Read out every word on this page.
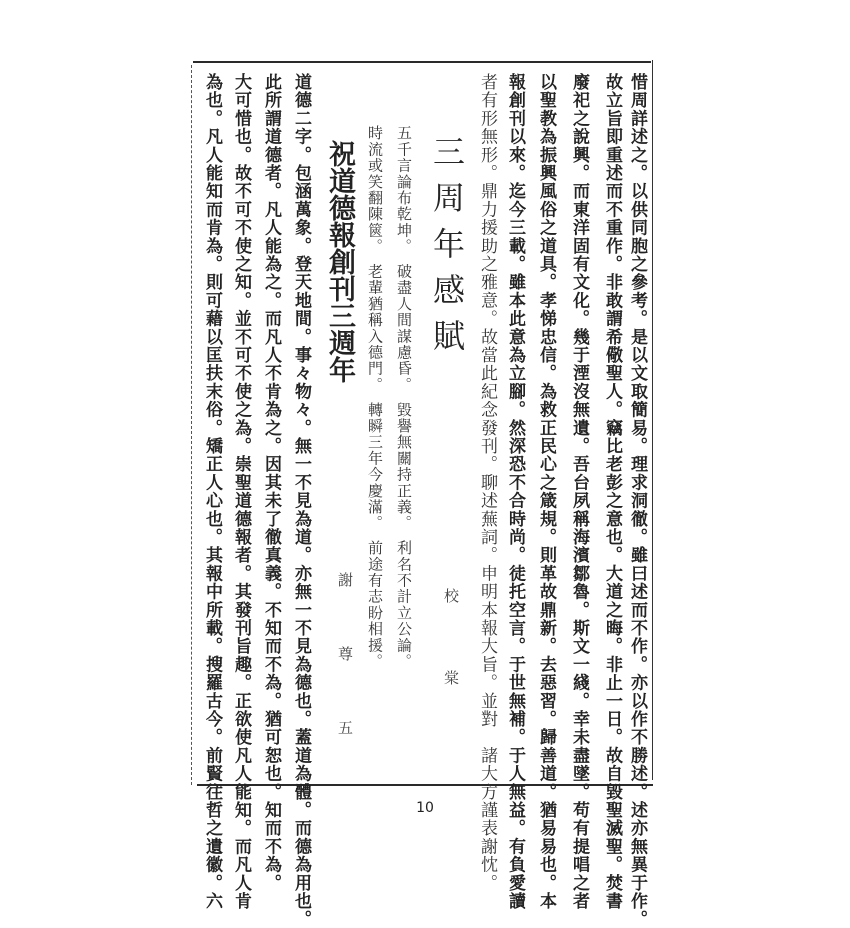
惜周詳述之。以供同胞之參考。是以文取簡易。理求洞徹。雖曰述而不作。亦以作不勝述。述亦無異于作。
故立旨即重述而不重作。非敢謂希儆聖人。竊比老彭之意也。大道之晦。非止一日。故自毀聖滅聖。焚書
廢祀之說興。而東洋固有文化。幾于湮沒無遺。吾台夙稱海濱鄒魯。斯文一綫。幸未盡墜。苟有提唱之者
以聖教為振興風俗之道具。孝悌忠信。為救正民心之箴規。則革故鼎新。去惡習。歸善道。猶易易也。本
報創刊以來。迄今三載。雖本此意為立腳。然深恐不合時尚。徒托空言。于世無補。于人無益。有負愛讀
者有形無形。鼎力援助之雅意。故當此紀念發刊。聊述蕪詞。申明本報大旨。並對　諸大方謹表謝忱。
校　棠
三周年感賦
五千言論布乾坤。　破盡人間謀慮昏。　毀譽無關持正義。　利名不計立公論。
時流或笑翻陳篋。　老輩猶稱入德門。　轉瞬三年今慶滿。　前途有志盼相援。
祝道德報創刊三週年
謝　尊　五
道德二字。包涵萬象。登天地間。事々物々。無一不見為道。亦無一不見為德也。蓋道為體。而德為用也。
此所謂道德者。凡人能為之。而凡人不肯為之。因其未了徹真義。不知而不為。猶可恕也。知而不為。
大可惜也。故不可不使之知。並不可不使之為。崇聖道德報者。其發刊旨趣。正欲使凡人能知。而凡人肯
為也。凡人能知而肯為。則可藉以匡扶末俗。矯正人心也。其報中所載。搜羅古今。前賢往哲之遺徽。六	10
